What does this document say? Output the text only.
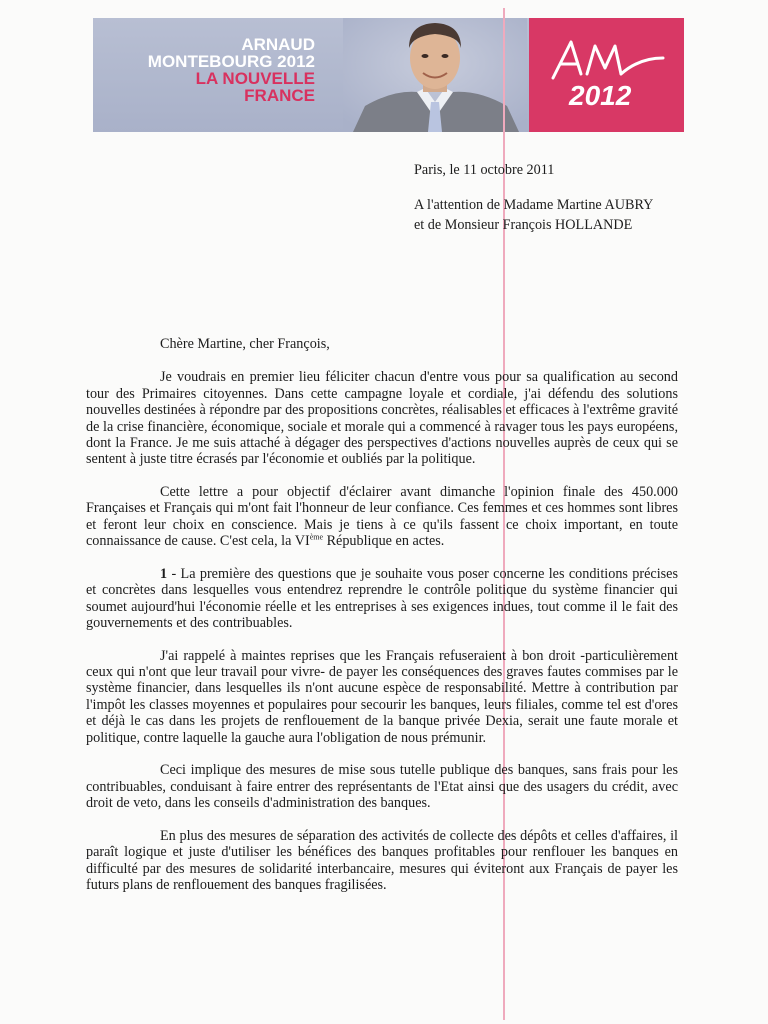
ARNAUD
MONTEBOURG 2012
LA NOUVELLE
FRANCE	2012
Paris, le 11 octobre 2011
A l'attention de Madame Martine AUBRY
et de Monsieur François HOLLANDE

Chère Martine, cher François,

Je voudrais en premier lieu féliciter chacun d'entre vous pour sa qualification au second tour des Primaires citoyennes. Dans cette campagne loyale et cordiale, j'ai défendu des solutions nouvelles destinées à répondre par des propositions concrètes, réalisables et efficaces à l'extrême gravité de la crise financière, économique, sociale et morale qui a commencé à ravager tous les pays européens, dont la France. Je me suis attaché à dégager des perspectives d'actions nouvelles auprès de ceux qui se sentent à juste titre écrasés par l'économie et oubliés par la politique.

Cette lettre a pour objectif d'éclairer avant dimanche l'opinion finale des 450.000 Françaises et Français qui m'ont fait l'honneur de leur confiance. Ces femmes et ces hommes sont libres et feront leur choix en conscience. Mais je tiens à ce qu'ils fassent ce choix important, en toute connaissance de cause. C'est cela, la VIème République en actes.

1 - La première des questions que je souhaite vous poser concerne les conditions précises et concrètes dans lesquelles vous entendrez reprendre le contrôle politique du système financier qui soumet aujourd'hui l'économie réelle et les entreprises à ses exigences indues, tout comme il le fait des gouvernements et des contribuables.

J'ai rappelé à maintes reprises que les Français refuseraient à bon droit -particulièrement ceux qui n'ont que leur travail pour vivre- de payer les conséquences des graves fautes commises par le système financier, dans lesquelles ils n'ont aucune espèce de responsabilité. Mettre à contribution par l'impôt les classes moyennes et populaires pour secourir les banques, leurs filiales, comme tel est d'ores et déjà le cas dans les projets de renflouement de la banque privée Dexia, serait une faute morale et politique, contre laquelle la gauche aura l'obligation de nous prémunir.

Ceci implique des mesures de mise sous tutelle publique des banques, sans frais pour les contribuables, conduisant à faire entrer des représentants de l'Etat ainsi que des usagers du crédit, avec droit de veto, dans les conseils d'administration des banques.

En plus des mesures de séparation des activités de collecte des dépôts et celles d'affaires, il paraît logique et juste d'utiliser les bénéfices des banques profitables pour renflouer les banques en difficulté par des mesures de solidarité interbancaire, mesures qui éviteront aux Français de payer les futurs plans de renflouement des banques fragilisées.
